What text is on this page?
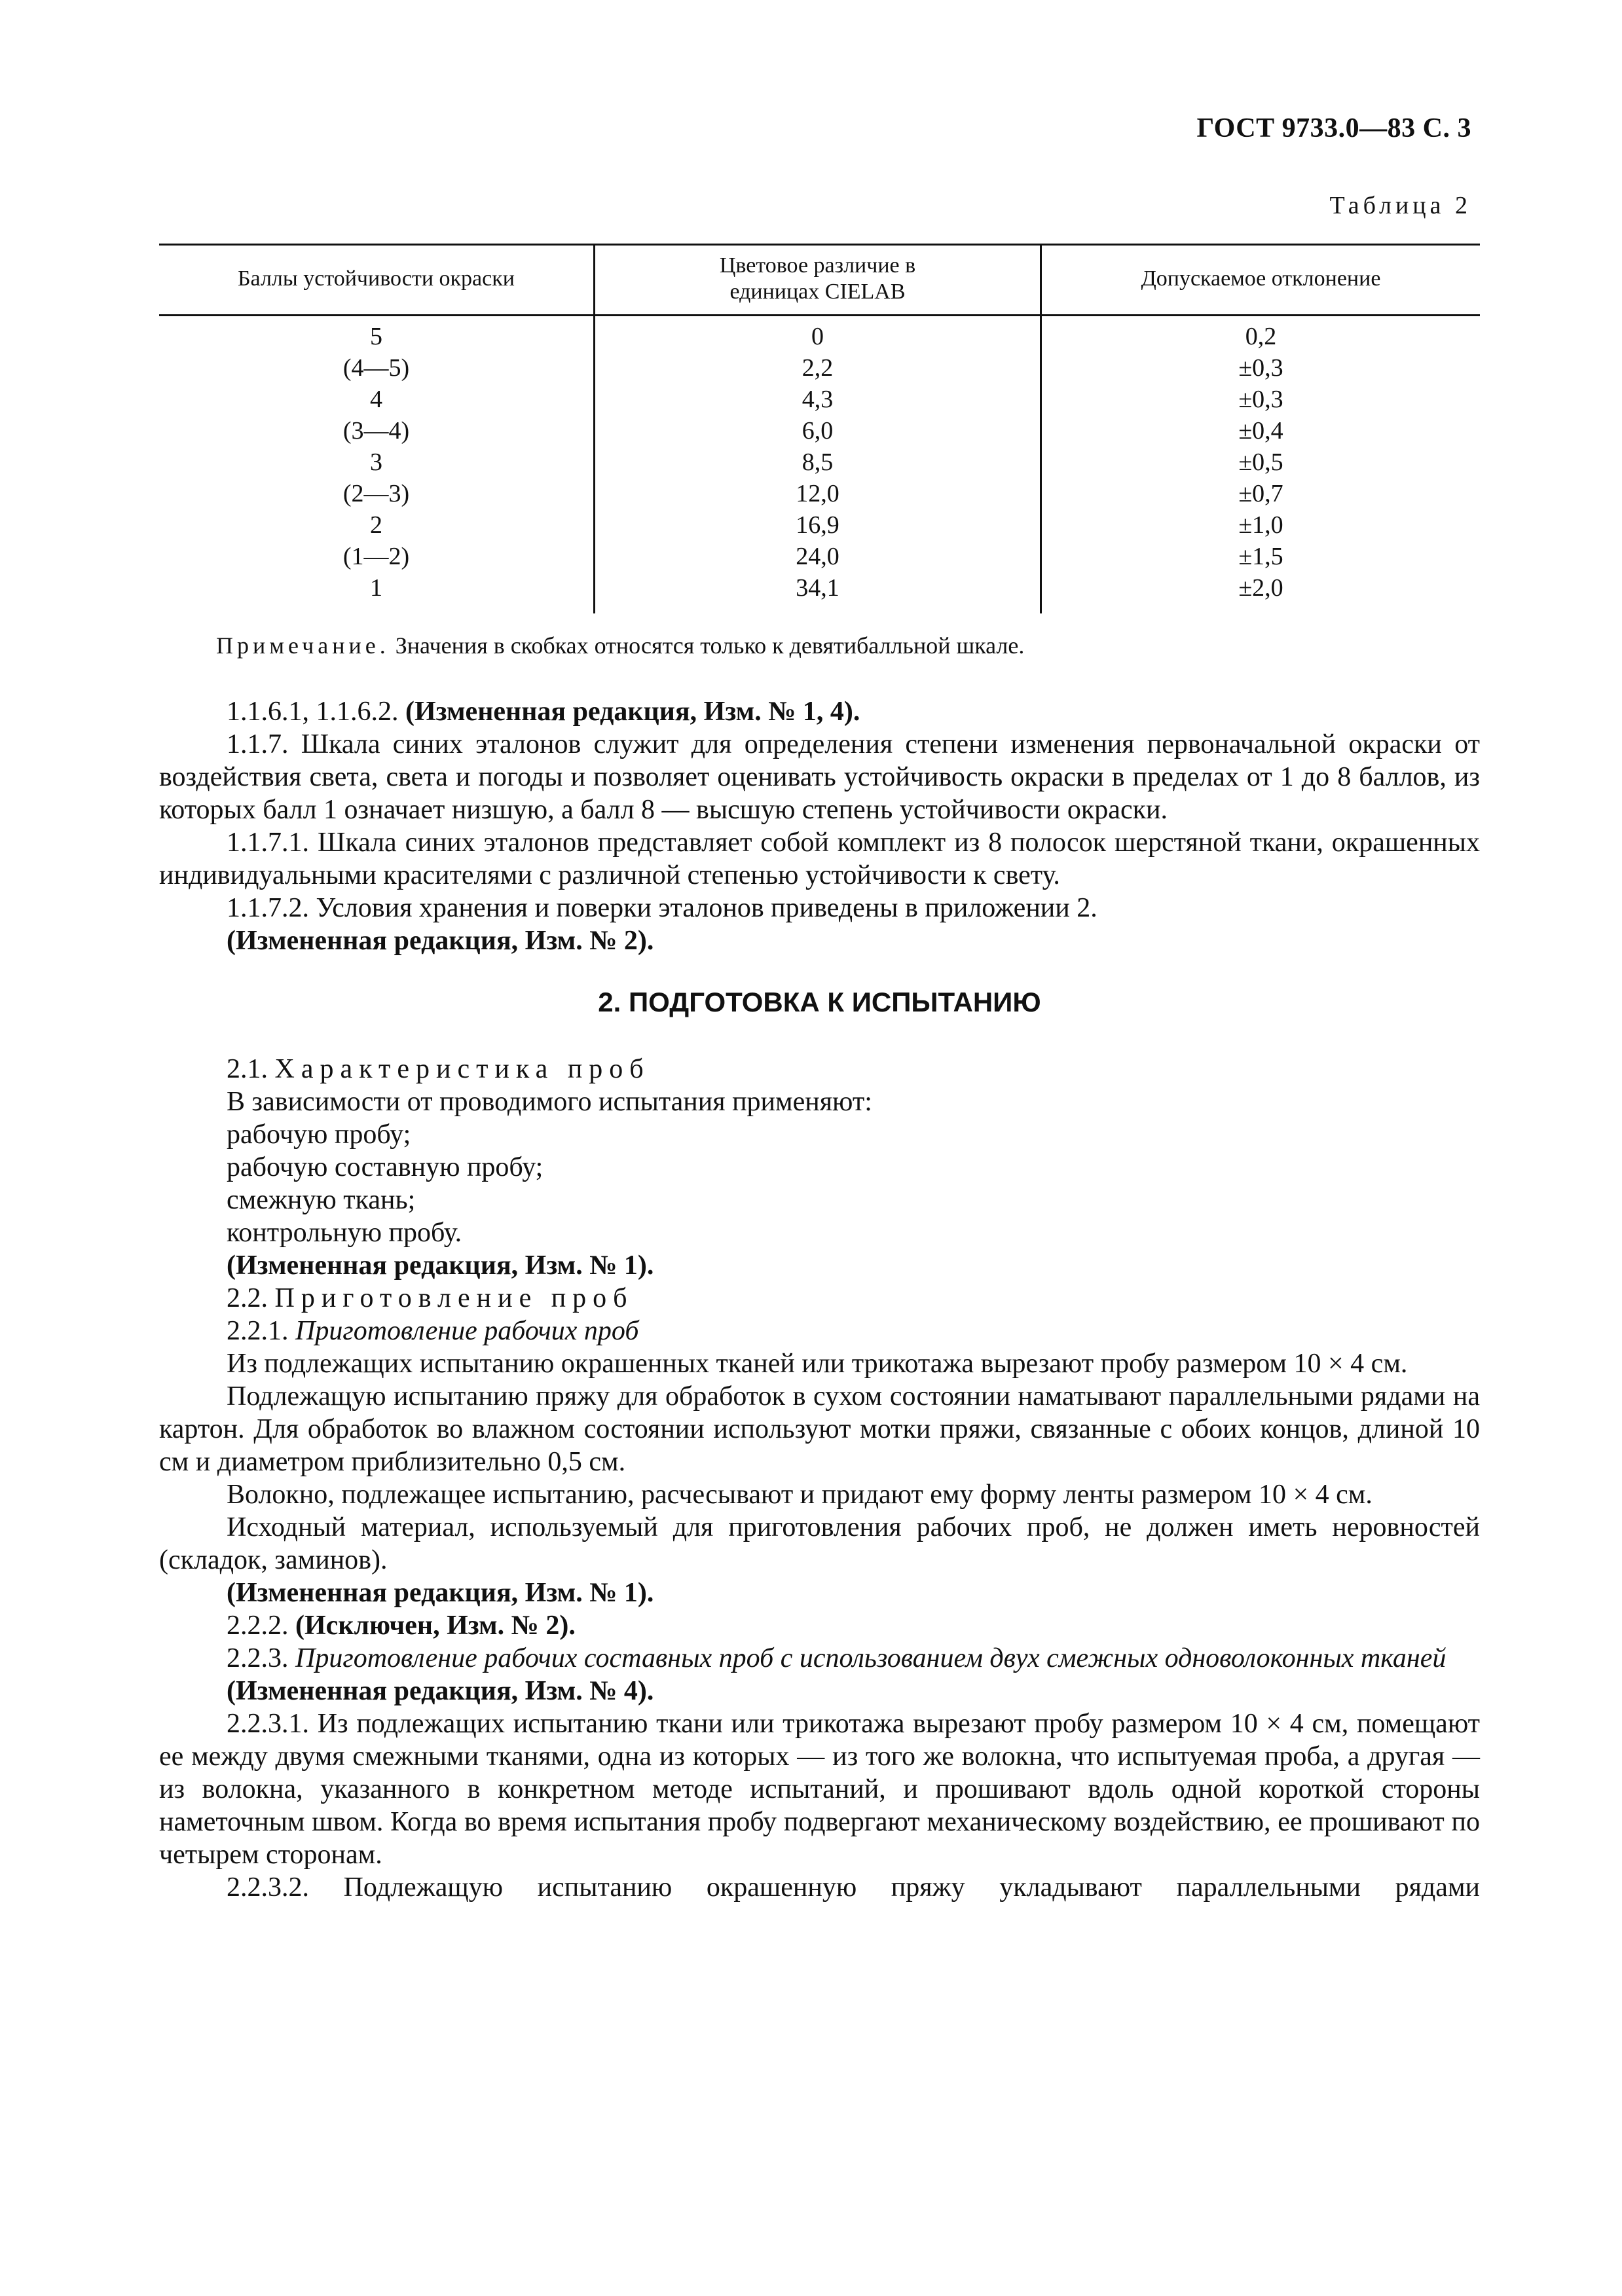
ГОСТ 9733.0—83 С. 3
Таблица 2
Баллы устойчивости окраски
Цветовое различие в единицах CIELAB
Допускаемое отклонение
5
(4—5)
4
(3—4)
3
(2—3)
2
(1—2)
1
0
2,2
4,3
6,0
8,5
12,0
16,9
24,0
34,1
0,2
±0,3
±0,3
±0,4
±0,5
±0,7
±1,0
±1,5
±2,0
Примечание. Значения в скобках относятся только к девятибалльной шкале.

1.1.6.1, 1.1.6.2. (Измененная редакция, Изм. № 1, 4).

1.1.7. Шкала синих эталонов служит для определения степени изменения первоначальной окраски от воздействия света, света и погоды и позволяет оценивать устойчивость окраски в пределах от 1 до 8 баллов, из которых балл 1 означает низшую, а балл 8 — высшую степень устойчивости окраски.

1.1.7.1. Шкала синих эталонов представляет собой комплект из 8 полосок шерстяной ткани, окрашенных индивидуальными красителями с различной степенью устойчивости к свету.

1.1.7.2. Условия хранения и поверки эталонов приведены в приложении 2.

(Измененная редакция, Изм. № 2).

2. ПОДГОТОВКА К ИСПЫТАНИЮ

2.1. Характеристика проб

В зависимости от проводимого испытания применяют:

рабочую пробу;

рабочую составную пробу;

смежную ткань;

контрольную пробу.

(Измененная редакция, Изм. № 1).

2.2. Приготовление проб

2.2.1. Приготовление рабочих проб

Из подлежащих испытанию окрашенных тканей или трикотажа вырезают пробу размером 10 × 4 см.

Подлежащую испытанию пряжу для обработок в сухом состоянии наматывают параллельными рядами на картон. Для обработок во влажном состоянии используют мотки пряжи, связанные с обоих концов, длиной 10 см и диаметром приблизительно 0,5 см.

Волокно, подлежащее испытанию, расчесывают и придают ему форму ленты размером 10 × 4 см.

Исходный материал, используемый для приготовления рабочих проб, не должен иметь неровностей (складок, заминов).

(Измененная редакция, Изм. № 1).

2.2.2. (Исключен, Изм. № 2).

2.2.3. Приготовление рабочих составных проб с использованием двух смежных одноволоконных тканей

(Измененная редакция, Изм. № 4).

2.2.3.1. Из подлежащих испытанию ткани или трикотажа вырезают пробу размером 10 × 4 см, помещают ее между двумя смежными тканями, одна из которых — из того же волокна, что испытуемая проба, а другая — из волокна, указанного в конкретном методе испытаний, и прошивают вдоль одной короткой стороны наметочным швом. Когда во время испытания пробу подвергают механическому воздействию, ее прошивают по четырем сторонам.

2.2.3.2. Подлежащую испытанию окрашенную пряжу укладывают параллельными рядами
